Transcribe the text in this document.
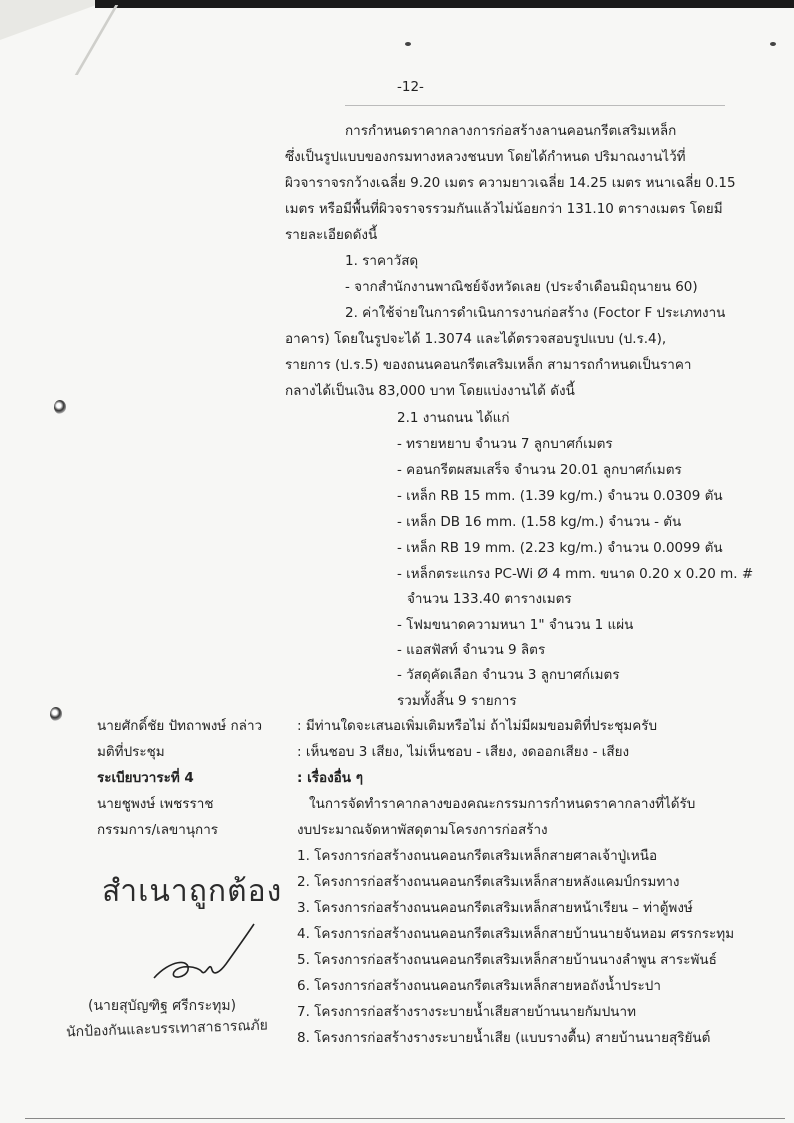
-12-
การกำหนดราคากลางการก่อสร้างลานคอนกรีตเสริมเหล็ก
ซึ่งเป็นรูปแบบของกรมทางหลวงชนบท โดยได้กำหนด ปริมาณงานไว้ที่
ผิวจาราจรกว้างเฉลี่ย 9.20 เมตร ความยาวเฉลี่ย 14.25 เมตร หนาเฉลี่ย 0.15
เมตร หรือมีพื้นที่ผิวจราจรรวมกันแล้วไม่น้อยกว่า 131.10 ตารางเมตร โดยมี
รายละเอียดดังนี้
1. ราคาวัสดุ
- จากสำนักงานพาณิชย์จังหวัดเลย (ประจำเดือนมิถุนายน 60)
2. ค่าใช้จ่ายในการดำเนินการงานก่อสร้าง (Foctor F ประเภทงาน
อาคาร) โดยในรูปจะได้ 1.3074 และได้ตรวจสอบรูปแบบ (ป.ร.4),
รายการ (ป.ร.5) ของถนนคอนกรีตเสริมเหล็ก สามารถกำหนดเป็นราคา
กลางได้เป็นเงิน 83,000 บาท โดยแบ่งงานได้ ดังนี้
2.1 งานถนน ได้แก่
- ทรายหยาบ จำนวน 7 ลูกบาศก์เมตร
- คอนกรีตผสมเสร็จ จำนวน 20.01 ลูกบาศก์เมตร
- เหล็ก RB 15 mm. (1.39 kg/m.) จำนวน 0.0309 ตัน
- เหล็ก DB 16 mm. (1.58 kg/m.) จำนวน - ตัน
- เหล็ก RB 19 mm. (2.23 kg/m.) จำนวน 0.0099 ตัน
- เหล็กตระแกรง PC-Wi Ø 4 mm. ขนาด 0.20 x 0.20 m. #
จำนวน 133.40 ตารางเมตร
- โฟมขนาดความหนา 1" จำนวน 1 แผ่น
- แอสฟัสท์ จำนวน 9 ลิตร
- วัสดุคัดเลือก จำนวน 3 ลูกบาศก์เมตร
รวมทั้งสิ้น 9 รายการ
นายศักดิ์ชัย ปัทถาพงษ์ กล่าว
มติที่ประชุม
ระเบียบวาระที่ 4
นายชูพงษ์ เพชรราช
กรรมการ/เลขานุการ
: มีท่านใดจะเสนอเพิ่มเติมหรือไม่ ถ้าไม่มีผมขอมติที่ประชุมครับ
: เห็นชอบ 3 เสียง, ไม่เห็นชอบ - เสียง, งดออกเสียง - เสียง
: เรื่องอื่น ๆ
ในการจัดทำราคากลางของคณะกรรมการกำหนดราคากลางที่ได้รับ
งบประมาณจัดหาพัสดุตามโครงการก่อสร้าง
1. โครงการก่อสร้างถนนคอนกรีตเสริมเหล็กสายศาลเจ้าปู่เหนือ
2. โครงการก่อสร้างถนนคอนกรีตเสริมเหล็กสายหลังแคมป์กรมทาง
3. โครงการก่อสร้างถนนคอนกรีตเสริมเหล็กสายหน้าเรียน – ท่าตู้พงษ์
4. โครงการก่อสร้างถนนคอนกรีตเสริมเหล็กสายบ้านนายจันหอม ศรรกระทุม
5. โครงการก่อสร้างถนนคอนกรีตเสริมเหล็กสายบ้านนางลำพูน สาระพันธ์
6. โครงการก่อสร้างถนนคอนกรีตเสริมเหล็กสายหอถังน้ำประปา
7. โครงการก่อสร้างรางระบายน้ำเสียสายบ้านนายกัมปนาท
8. โครงการก่อสร้างรางระบายน้ำเสีย (แบบรางตื้น) สายบ้านนายสุริยันต์
สำเนาถูกต้อง
(นายสุบัญฑิฐ ศรีกระทุม)
นักป้องกันและบรรเทาสาธารณภัย
